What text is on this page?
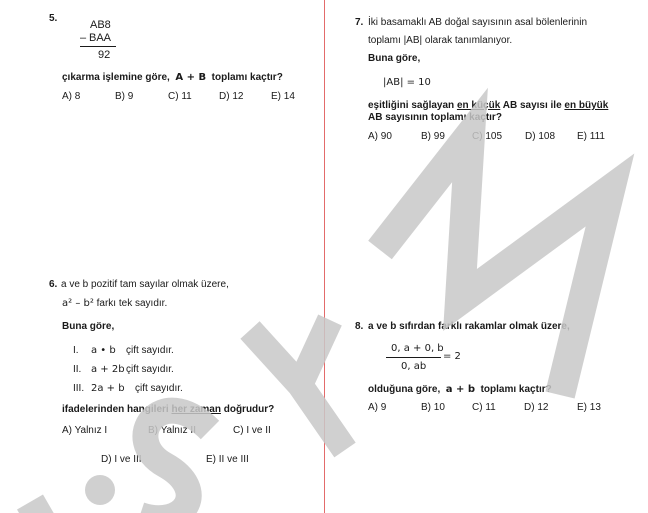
5.
AB8
– BAA
92
çıkarma işlemine göre, A + B toplamı kaçtır?
A) 8	B) 9	C) 11	D) 12	E) 14
6. a ve b pozitif tam sayılar olmak üzere,
a² – b² farkı tek sayıdır.
Buna göre,
I. a • b çift sayıdır.
II. a + 2b çift sayıdır.
III. 2a + b çift sayıdır.
ifadelerinden hangileri her zaman doğrudur?
A) Yalnız I	B) Yalnız II	C) I ve II
D) I ve III	E) II ve III
7. İki basamaklı AB doğal sayısının asal bölenlerinin
toplamı |AB| olarak tanımlanıyor.
Buna göre,
|AB| = 10
eşitliğini sağlayan en küçük AB sayısı ile en büyük
AB sayısının toplamı kaçtır?
A) 90	B) 99	C) 105 D) 108 E) 111
8. a ve b sıfırdan farklı rakamlar olmak üzere,
0, a + 0, b
0, ab
= 2
olduğuna göre, a + b toplamı kaçtır?
A) 9	B) 10	C) 11	D) 12	E) 13
